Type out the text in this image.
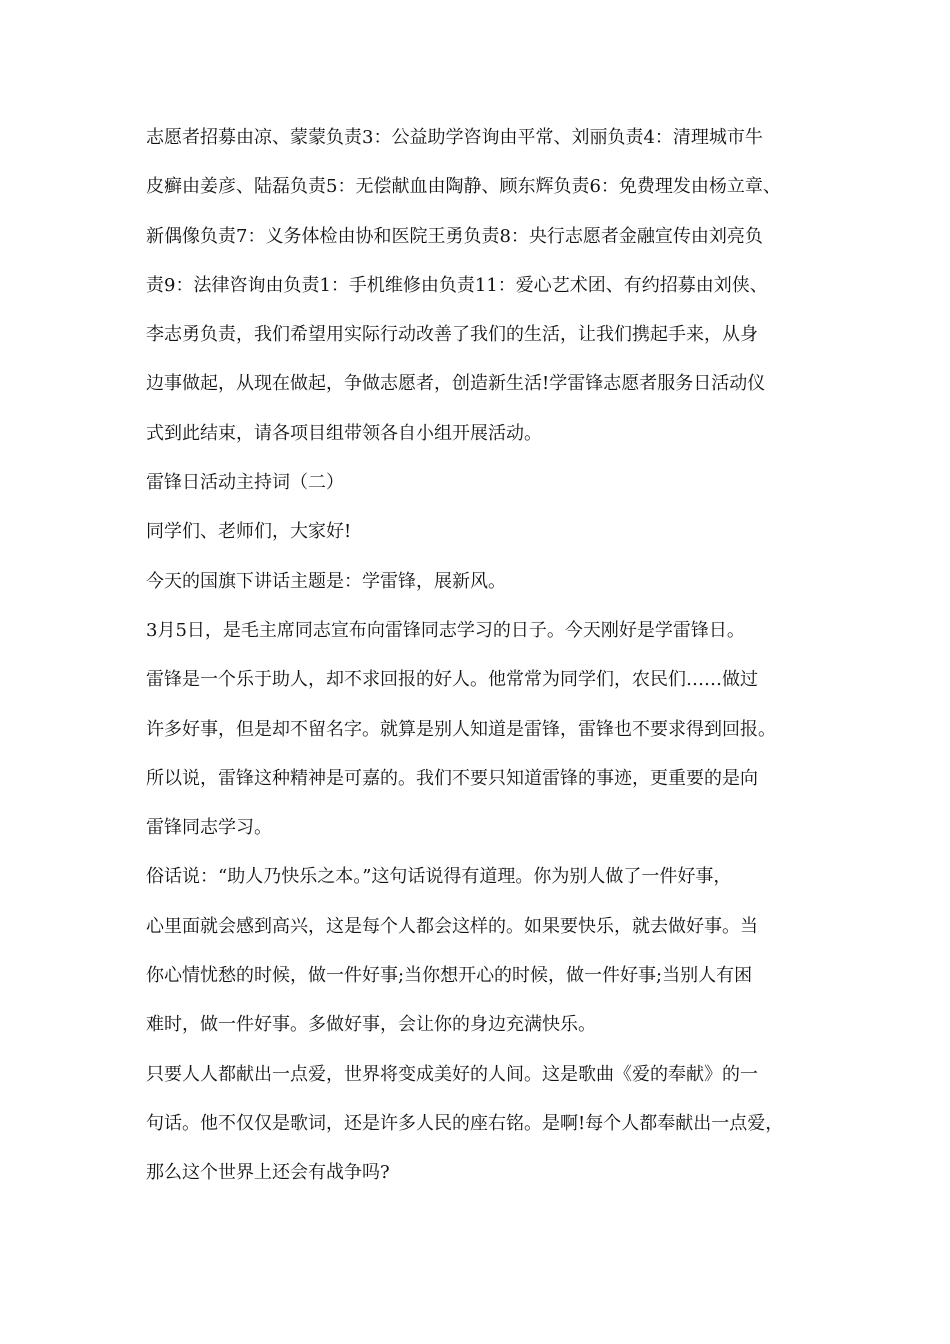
志愿者招募由凉、蒙蒙负责3：公益助学咨询由平常、刘丽负责4：清理城市牛
皮癣由姜彦、陆磊负责5：无偿献血由陶静、顾东辉负责6：免费理发由杨立章、
新偶像负责7：义务体检由协和医院王勇负责8：央行志愿者金融宣传由刘亮负
责9：法律咨询由负责1：手机维修由负责11：爱心艺术团、有约招募由刘侠、
李志勇负责，我们希望用实际行动改善了我们的生活，让我们携起手来，从身
边事做起，从现在做起，争做志愿者，创造新生活!学雷锋志愿者服务日活动仪
式到此结束，请各项目组带领各自小组开展活动。
雷锋日活动主持词（二）
同学们、老师们，大家好!
今天的国旗下讲话主题是：学雷锋，展新风。
3月5日，是毛主席同志宣布向雷锋同志学习的日子。今天刚好是学雷锋日。
雷锋是一个乐于助人，却不求回报的好人。他常常为同学们，农民们……做过
许多好事，但是却不留名字。就算是别人知道是雷锋，雷锋也不要求得到回报。
所以说，雷锋这种精神是可嘉的。我们不要只知道雷锋的事迹，更重要的是向
雷锋同志学习。
俗话说：“助人乃快乐之本。”这句话说得有道理。你为别人做了一件好事，
心里面就会感到高兴，这是每个人都会这样的。如果要快乐，就去做好事。当
你心情忧愁的时候，做一件好事;当你想开心的时候，做一件好事;当别人有困
难时，做一件好事。多做好事，会让你的身边充满快乐。
只要人人都献出一点爱，世界将变成美好的人间。这是歌曲《爱的奉献》的一
句话。他不仅仅是歌词，还是许多人民的座右铭。是啊!每个人都奉献出一点爱，
那么这个世界上还会有战争吗?
